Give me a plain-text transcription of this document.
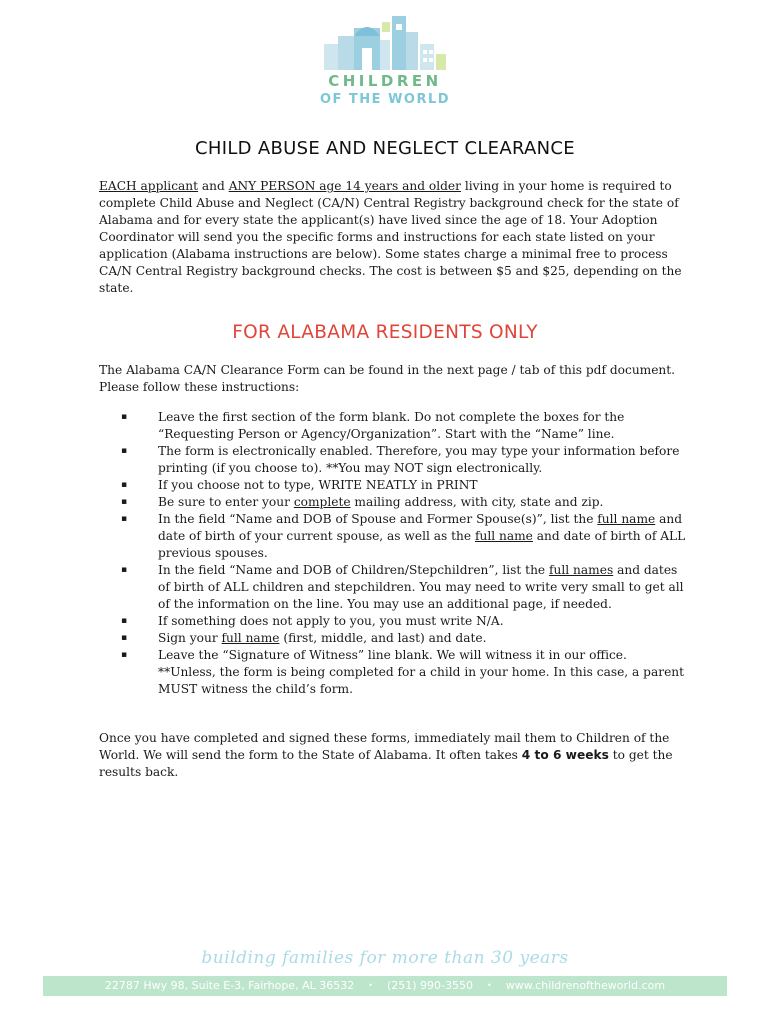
CHILDREN
OF THE WORLD
CHILD ABUSE AND NEGLECT CLEARANCE
EACH applicant and ANY PERSON age 14 years and older living in your home is required to complete Child Abuse and Neglect (CA/N) Central Registry background check for the state of Alabama and for every state the applicant(s) have lived since the age of 18. Your Adoption Coordinator will send you the specific forms and instructions for each state listed on your application (Alabama instructions are below). Some states charge a minimal free to process CA/N Central Registry background checks. The cost is between $5 and $25, depending on the state.
FOR ALABAMA RESIDENTS ONLY
The Alabama CA/N Clearance Form can be found in the next page / tab of this pdf document. Please follow these instructions:
▪	Leave the first section of the form blank. Do not complete the boxes for the “Requesting Person or Agency/Organization”. Start with the “Name” line.
▪	The form is electronically enabled. Therefore, you may type your information before printing (if you choose to). **You may NOT sign electronically.
▪	If you choose not to type, WRITE NEATLY in PRINT
▪	Be sure to enter your complete mailing address, with city, state and zip.
▪	In the field “Name and DOB of Spouse and Former Spouse(s)”, list the full name and date of birth of your current spouse, as well as the full name and date of birth of ALL previous spouses.
▪	In the field “Name and DOB of Children/Stepchildren”, list the full names and dates of birth of ALL children and stepchildren. You may need to write very small to get all of the information on the line. You may use an additional page, if needed.
▪	If something does not apply to you, you must write N/A.
▪	Sign your full name (first, middle, and last) and date.
▪	Leave the “Signature of Witness” line blank. We will witness it in our office. **Unless, the form is being completed for a child in your home. In this case, a parent MUST witness the child’s form.
Once you have completed and signed these forms, immediately mail them to Children of the World. We will send the form to the State of Alabama. It often takes 4 to 6 weeks to get the results back.
building families for more than 30 years
22787 Hwy 98, Suite E-3, Fairhope, AL 36532 • (251) 990-3550 • www.childrenoftheworld.com
